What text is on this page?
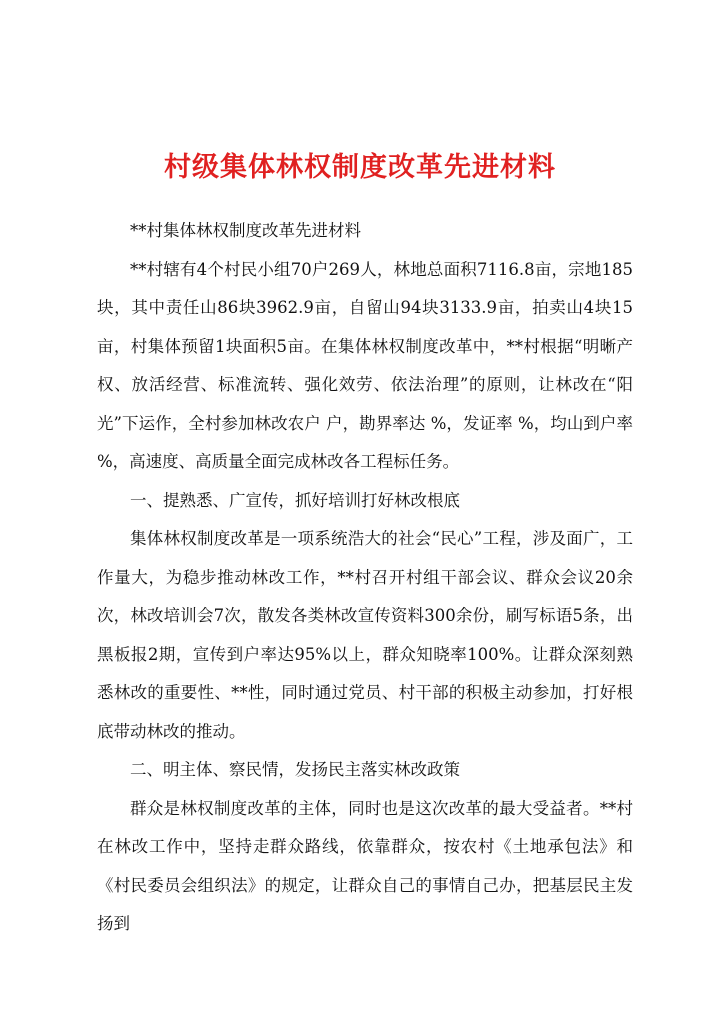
村级集体林权制度改革先进材料

**村集体林权制度改革先进材料

**村辖有4个村民小组70户269人，林地总面积7116.8亩，宗地185块，其中责任山86块3962.9亩，自留山94块3133.9亩，拍卖山4块15亩，村集体预留1块面积5亩。在集体林权制度改革中，**村根据“明晰产权、放活经营、标准流转、强化效劳、依法治理”的原则，让林改在“阳光”下运作，全村参加林改农户 户，勘界率达 %，发证率 %，均山到户率 %，高速度、高质量全面完成林改各工程标任务。

一、提熟悉、广宣传，抓好培训打好林改根底

集体林权制度改革是一项系统浩大的社会“民心”工程，涉及面广，工作量大，为稳步推动林改工作，**村召开村组干部会议、群众会议20余次，林改培训会7次，散发各类林改宣传资料300余份，刷写标语5条，出黑板报2期，宣传到户率达95%以上，群众知晓率100%。让群众深刻熟悉林改的重要性、**性，同时通过党员、村干部的积极主动参加，打好根底带动林改的推动。

二、明主体、察民情，发扬民主落实林改政策

群众是林权制度改革的主体，同时也是这次改革的最大受益者。**村在林改工作中，坚持走群众路线，依靠群众，按农村《土地承包法》和《村民委员会组织法》的规定，让群众自己的事情自己办，把基层民主发扬到
